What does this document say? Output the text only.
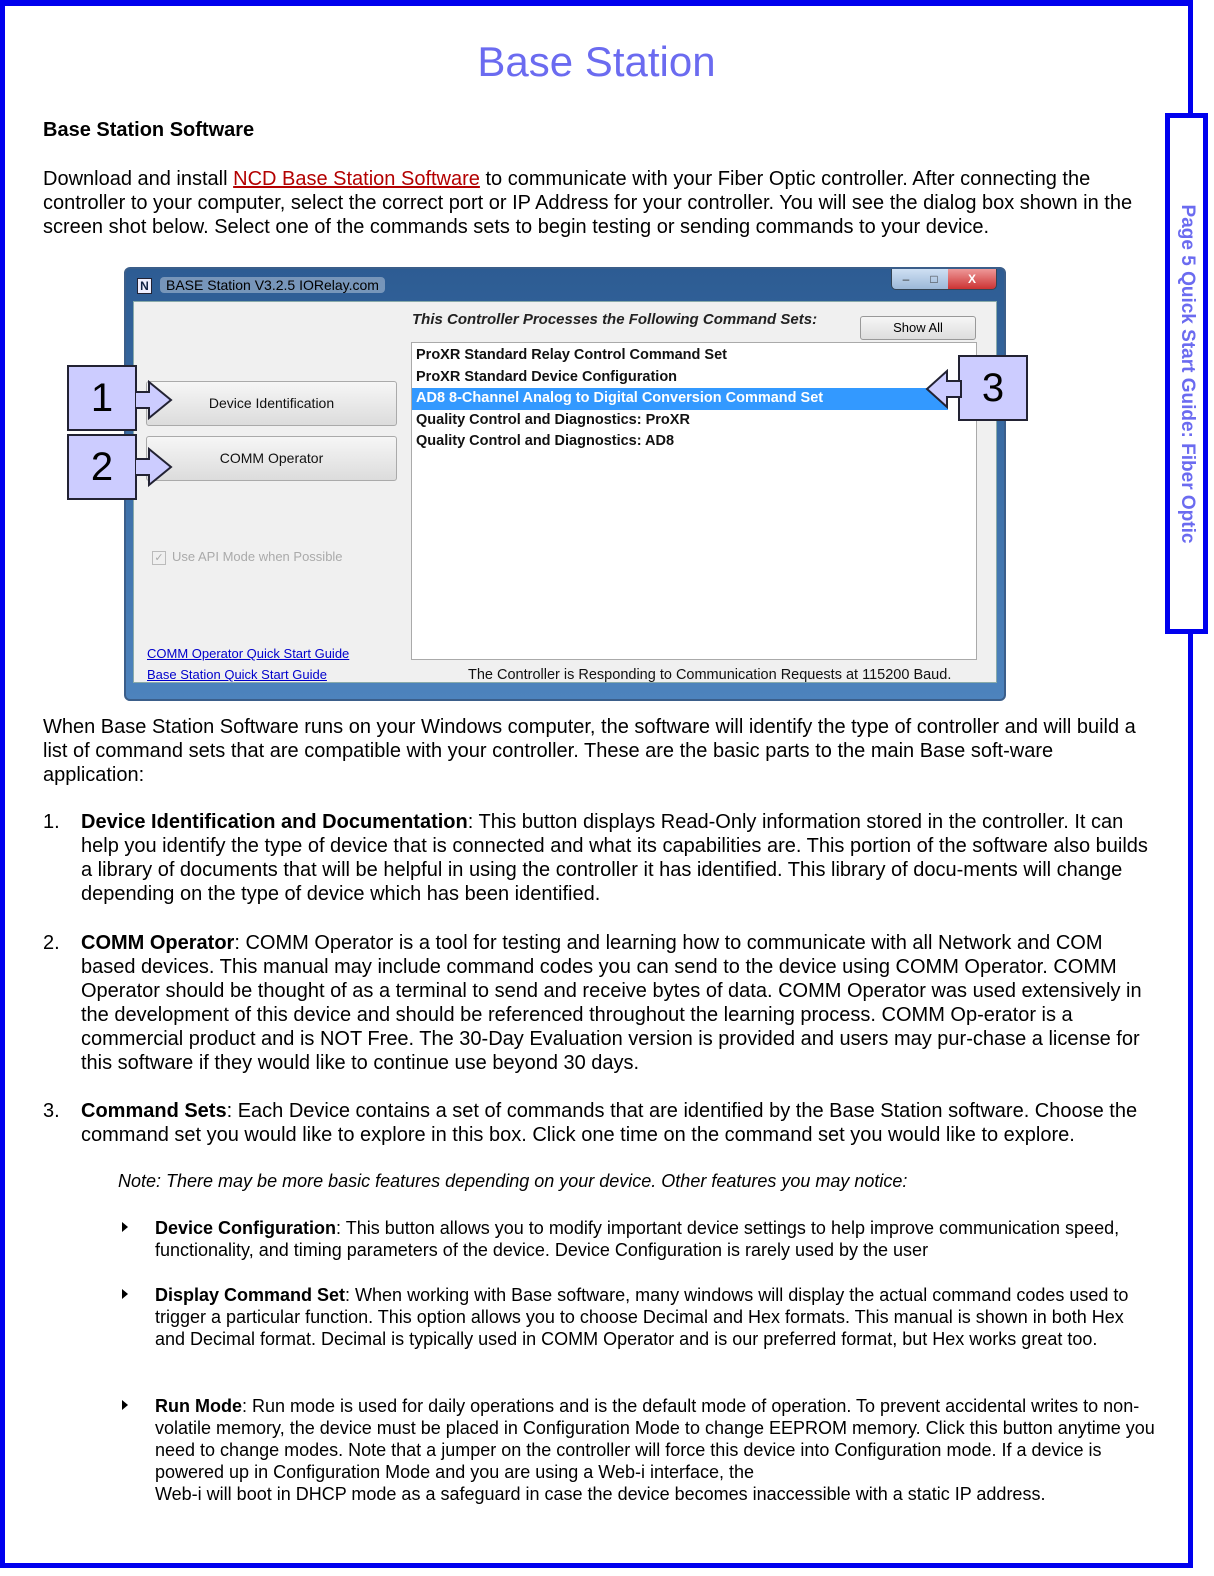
Page 5 Quick Start Guide: Fiber Optic
Base Station
Base Station Software
Download and install NCD Base Station Software to communicate with your Fiber Optic controller. After connecting the controller to your computer, select the correct port or IP Address for your controller. You will see the dialog box shown in the screen shot below. Select one of the commands sets to begin testing or sending commands to your device.
N	BASE Station V3.2.5 IORelay.com	–	□	X
Device Identification
COMM Operator
This Controller Processes the Following Command Sets:	Show All
ProXR Standard Relay Control Command Set
ProXR Standard Device Configuration
AD8 8-Channel Analog to Digital Conversion Command Set
Quality Control and Diagnostics: ProXR
Quality Control and Diagnostics: AD8
✓ Use API Mode when Possible
COMM Operator Quick Start Guide
Base Station Quick Start Guide	The Controller is Responding to Communication Requests at 115200 Baud.
1
2
3
When Base Station Software runs on your Windows computer, the software will identify the type of controller and will build a list of command sets that are compatible with your controller. These are the basic parts to the main Base soft-ware application:
1. Device Identification and Documentation: This button displays Read-Only information stored in the controller. It can help you identify the type of device that is connected and what its capabilities are. This portion of the software also builds a library of documents that will be helpful in using the controller it has identified. This library of docu-ments will change depending on the type of device which has been identified.
2. COMM Operator: COMM Operator is a tool for testing and learning how to communicate with all Network and COM based devices. This manual may include command codes you can send to the device using COMM Operator. COMM Operator should be thought of as a terminal to send and receive bytes of data. COMM Operator was used extensively in the development of this device and should be referenced throughout the learning process. COMM Op-erator is a commercial product and is NOT Free. The 30-Day Evaluation version is provided and users may pur-chase a license for this software if they would like to continue use beyond 30 days.
3. Command Sets: Each Device contains a set of commands that are identified by the Base Station software. Choose the command set you would like to explore in this box. Click one time on the command set you would like to explore.
Note: There may be more basic features depending on your device. Other features you may notice:
Device Configuration: This button allows you to modify important device settings to help improve communication speed, functionality, and timing parameters of the device. Device Configuration is rarely used by the user
Display Command Set: When working with Base software, many windows will display the actual command codes used to trigger a particular function. This option allows you to choose Decimal and Hex formats. This manual is shown in both Hex and Decimal format. Decimal is typically used in COMM Operator and is our preferred format, but Hex works great too.
Run Mode: Run mode is used for daily operations and is the default mode of operation. To prevent accidental writes to non-volatile memory, the device must be placed in Configuration Mode to change EEPROM memory. Click this button anytime you need to change modes. Note that a jumper on the controller will force this device into Configuration mode. If a device is powered up in Configuration Mode and you are using a Web-i interface, the
Web-i will boot in DHCP mode as a safeguard in case the device becomes inaccessible with a static IP address.
